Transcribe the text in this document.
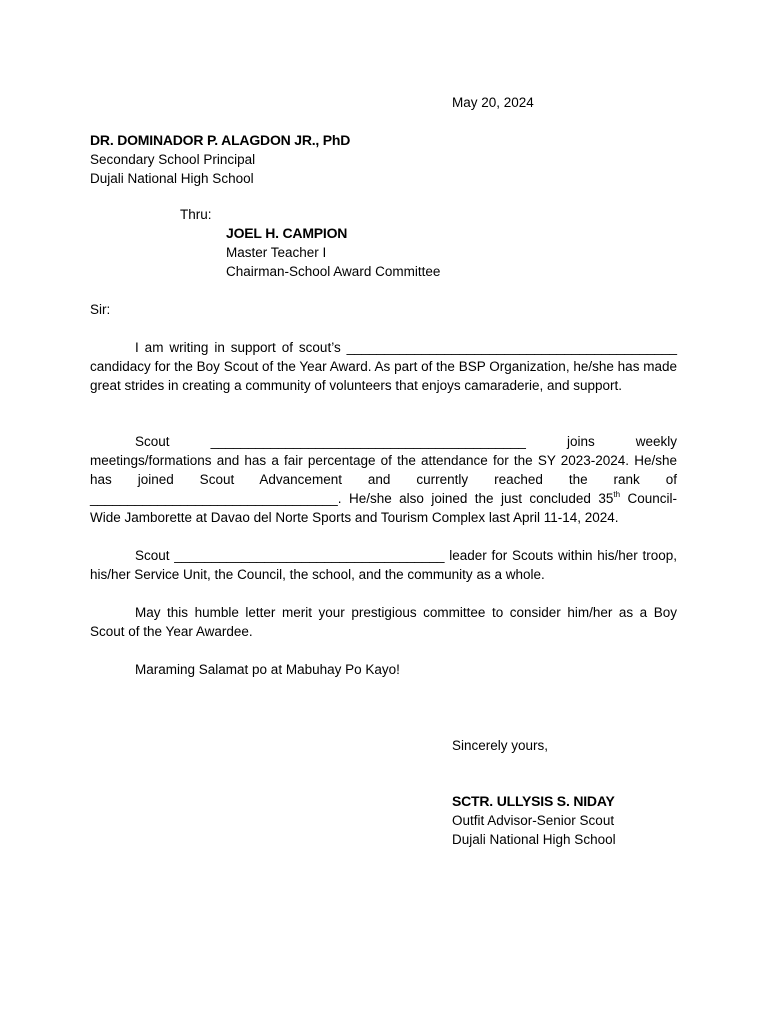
May 20, 2024
DR. DOMINADOR P. ALAGDON JR., PhD
Secondary School Principal
Dujali National High School
Thru:
JOEL H. CAMPION
Master Teacher I
Chairman-School Award Committee
Sir:

I am writing in support of scout’s ____________________________________________ candidacy for the Boy Scout of the Year Award. As part of the BSP Organization, he/she has made great strides in creating a community of volunteers that enjoys camaraderie, and support.

Scout __________________________________________ joins weekly meetings/formations and has a fair percentage of the attendance for the SY 2023-2024. He/she has joined Scout Advancement and currently reached the rank of _________________________________. He/she also joined the just concluded 35th Council-Wide Jamborette at Davao del Norte Sports and Tourism Complex last April 11-14, 2024.

Scout ____________________________________ leader for Scouts within his/her troop, his/her Service Unit, the Council, the school, and the community as a whole.

May this humble letter merit your prestigious committee to consider him/her as a Boy Scout of the Year Awardee.

Maraming Salamat po at Mabuhay Po Kayo!

Sincerely yours,
SCTR. ULLYSIS S. NIDAY
Outfit Advisor-Senior Scout
Dujali National High School
